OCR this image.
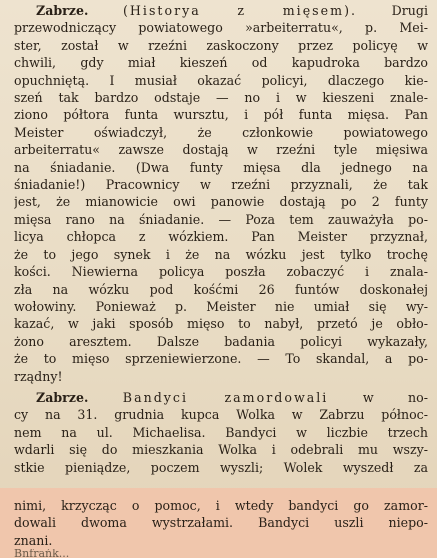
Zabrze.	(Historya z mięsem).	Drugi
przewodniczący powiatowego »arbeiterratu«, p. Mei-
ster, został w rzeźni zaskoczony przez policyę w
chwili, gdy miał kieszeń od kapudroka bardzo
opuchniętą. I musiał okazać policyi, dlaczego kie-
szeń tak bardzo odstaje — no i w kieszeni znale-
ziono półtora funta wursztu, i pół funta mięsa. Pan
Meister oświadczył, że członkowie powiatowego
arbeiterratu« zawsze dostają w rzeźni tyle mięsiwa
na śniadanie. (Dwa funty mięsa dla jednego na
śniadanie!) Pracownicy w rzeźni przyznali, że tak
jest, że mianowicie owi panowie dostają po 2 funty
mięsa rano na śniadanie. — Poza tem zauważyła po-
licya chłopca z wózkiem. Pan Meister przyznał,
że to jego synek i że na wózku jest tylko trochę
kości. Niewierna policya poszła zobaczyć i znala-
zła na wózku pod kośćmi 26 funtów doskonałej
wołowiny. Ponieważ p. Meister nie umiał się wy-
kazać, w jaki sposób mięso to nabył, przetó je obło-
żono aresztem. Dalsze badania policyi wykazały,
że to mięso sprzeniewierzone. — To skandal, a po-
rządny!
Zabrze.	Bandyci zamordowali	w no-
cy na 31. grudnia kupca Wolka w Zabrzu północ-
nem na ul. Michaelisa. Bandyci w liczbie trzech
wdarli się do mieszkania Wolka i odebrali mu wszy-
stkie pieniądze, poczem wyszli; Wolek wyszedł za
nimi, krzycząc o pomoc, i wtedy bandyci go zamor-
dowali dwoma wystrzałami. Bandyci uszli niepo-
znani.
Bnfrańk...
